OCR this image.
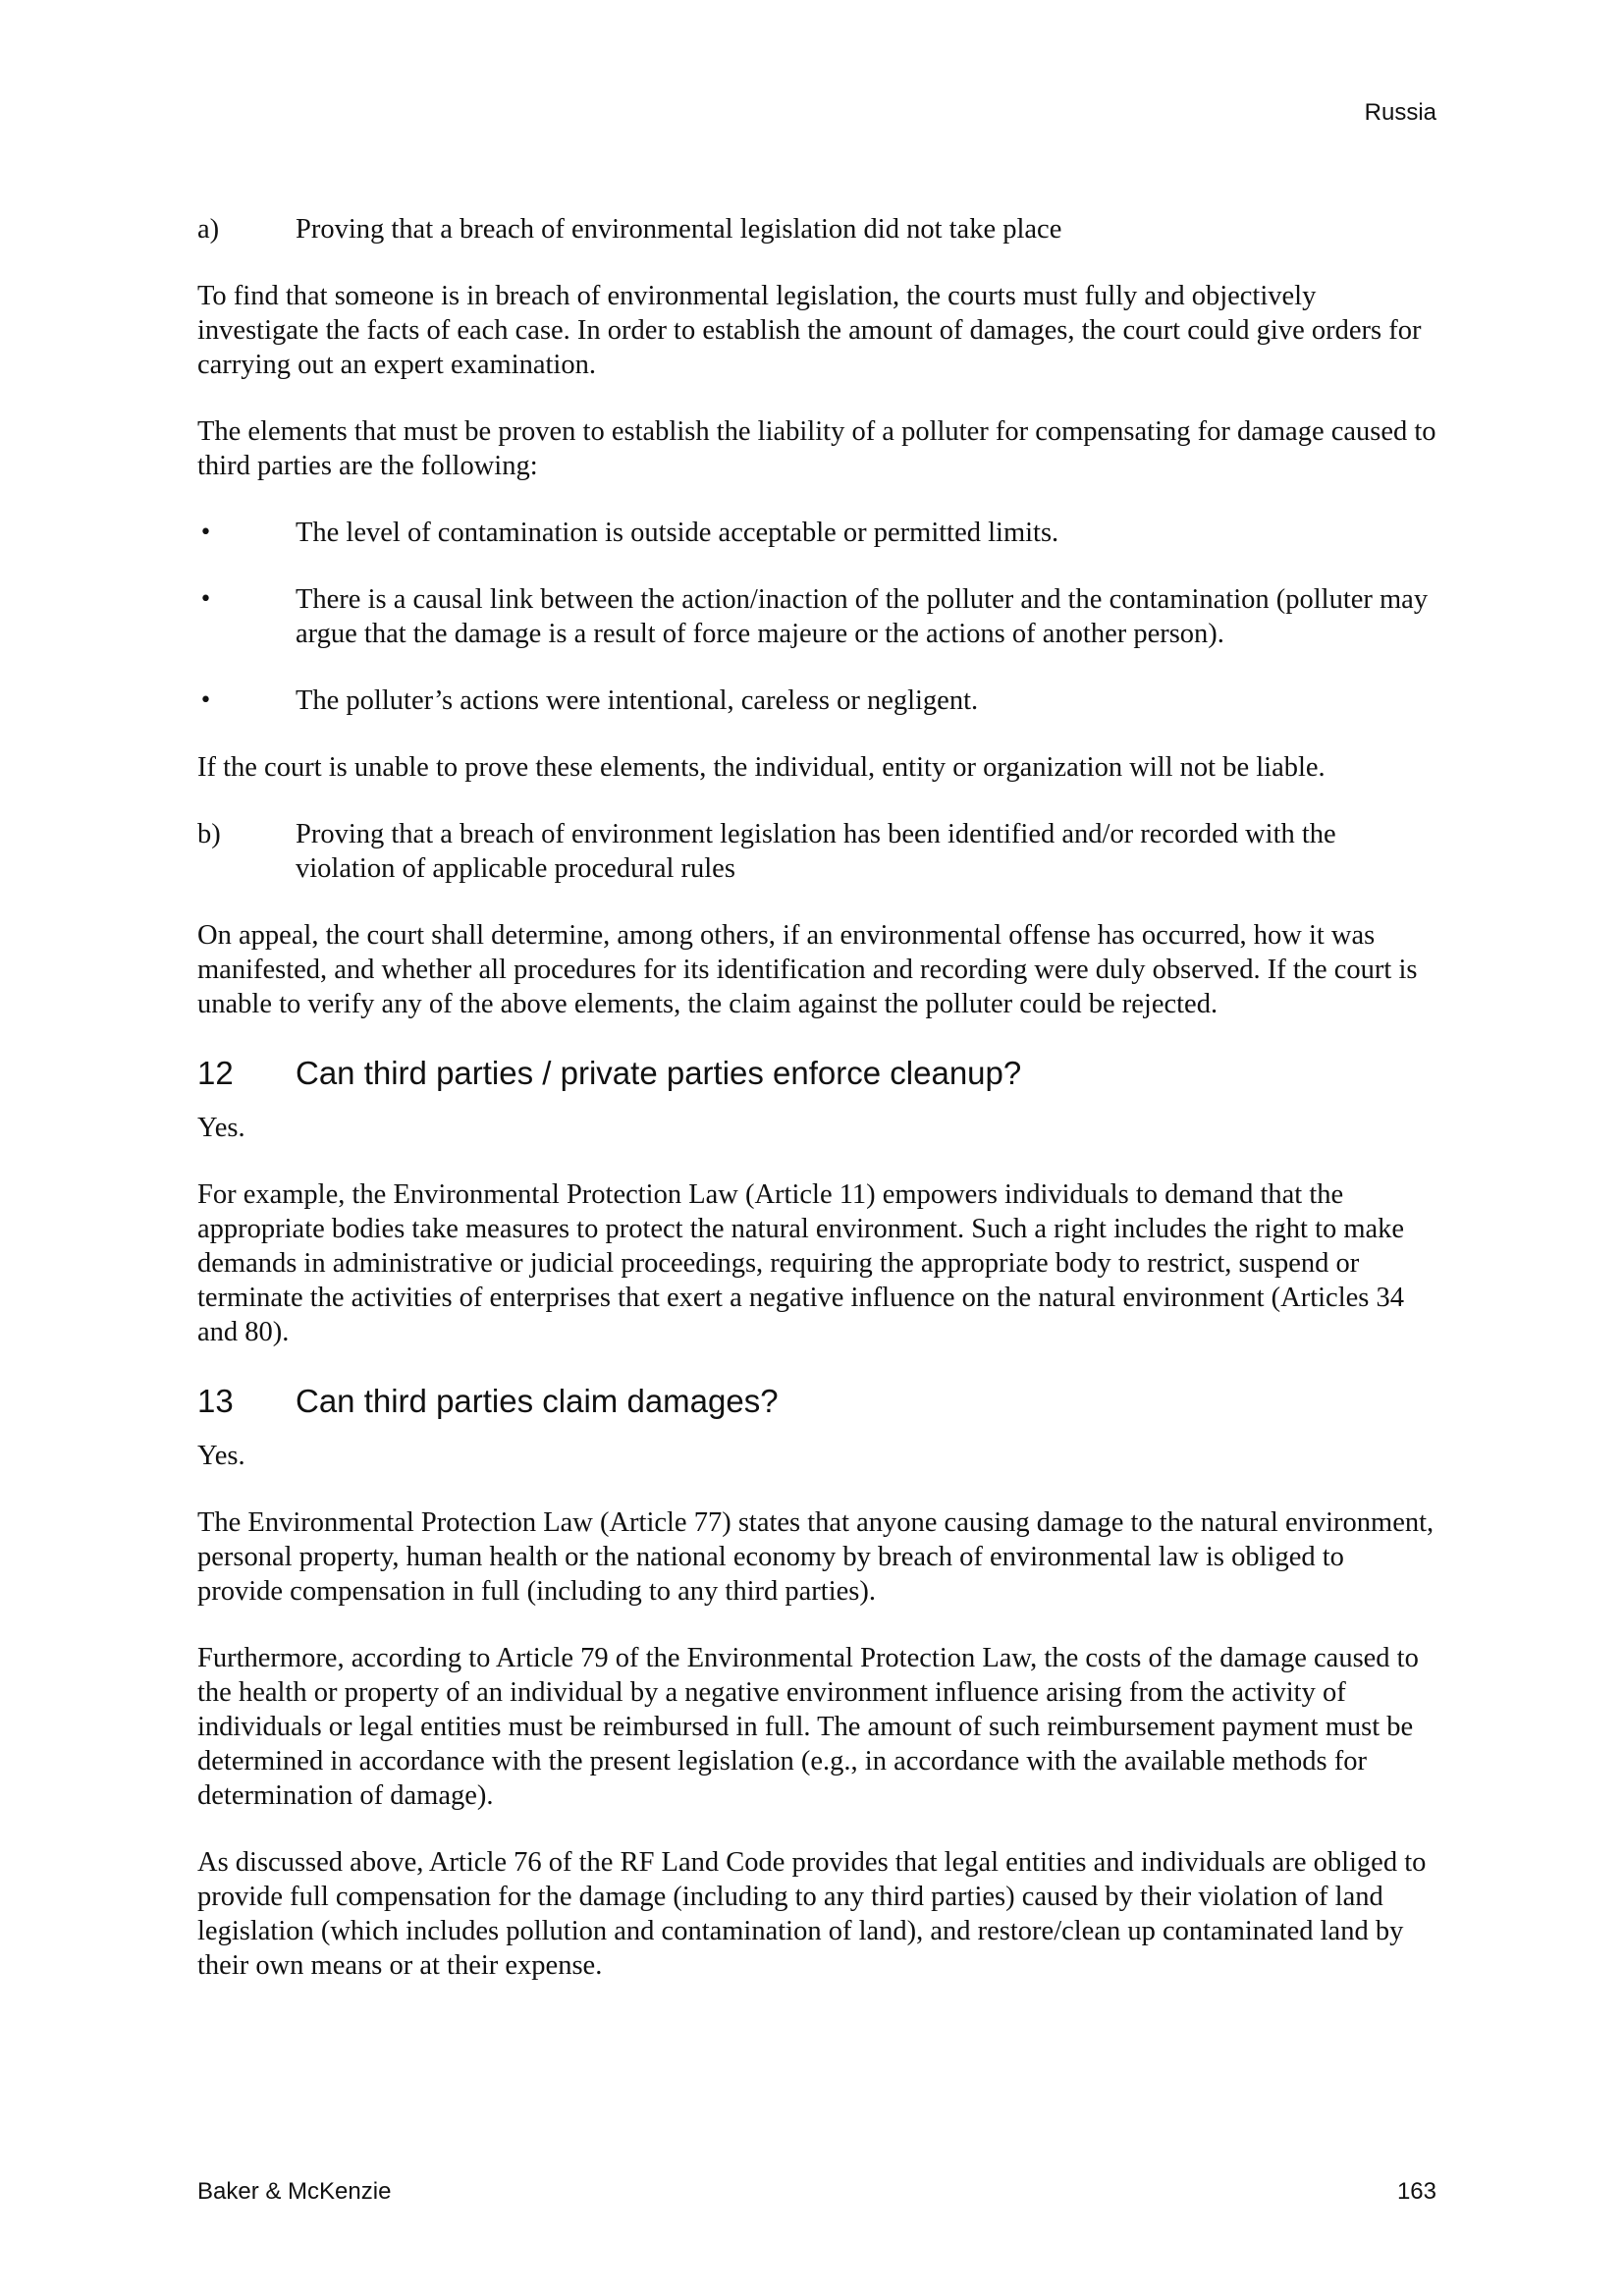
Russia
a)	Proving that a breach of environmental legislation did not take place

To find that someone is in breach of environmental legislation, the courts must fully and objectively investigate the facts of each case. In order to establish the amount of damages, the court could give orders for carrying out an expert examination.

The elements that must be proven to establish the liability of a polluter for compensating for damage caused to third parties are the following:

•	The level of contamination is outside acceptable or permitted limits.
•	There is a causal link between the action/inaction of the polluter and the contamination (polluter may argue that the damage is a result of force majeure or the actions of another person).
•	The polluter’s actions were intentional, careless or negligent.

If the court is unable to prove these elements, the individual, entity or organization will not be liable.

b)	Proving that a breach of environment legislation has been identified and/or recorded with the violation of applicable procedural rules

On appeal, the court shall determine, among others, if an environmental offense has occurred, how it was manifested, and whether all procedures for its identification and recording were duly observed. If the court is unable to verify any of the above elements, the claim against the polluter could be rejected.

12	Can third parties / private parties enforce cleanup?

Yes.

For example, the Environmental Protection Law (Article 11) empowers individuals to demand that the appropriate bodies take measures to protect the natural environment. Such a right includes the right to make demands in administrative or judicial proceedings, requiring the appropriate body to restrict, suspend or terminate the activities of enterprises that exert a negative influence on the natural environment (Articles 34 and 80).

13	Can third parties claim damages?

Yes.

The Environmental Protection Law (Article 77) states that anyone causing damage to the natural environment, personal property, human health or the national economy by breach of environmental law is obliged to provide compensation in full (including to any third parties).

Furthermore, according to Article 79 of the Environmental Protection Law, the costs of the damage caused to the health or property of an individual by a negative environment influence arising from the activity of individuals or legal entities must be reimbursed in full. The amount of such reimbursement payment must be determined in accordance with the present legislation (e.g., in accordance with the available methods for determination of damage).

As discussed above, Article 76 of the RF Land Code provides that legal entities and individuals are obliged to provide full compensation for the damage (including to any third parties) caused by their violation of land legislation (which includes pollution and contamination of land), and restore/clean up contaminated land by their own means or at their expense.

Baker & McKenzie	163
